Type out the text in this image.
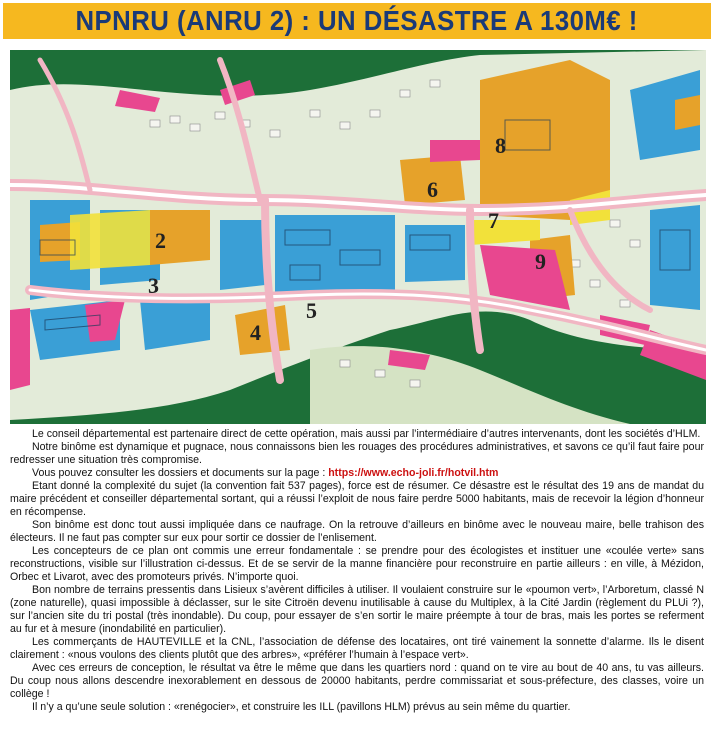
NPNRU (ANRU 2) : UN DÉSASTRE A 130M€ !
2
3
4
5
6
7
8
9

Le conseil départemental est partenaire direct de cette opération, mais aussi par l’intermédiaire d’autres intervenants, dont les sociétés d’HLM.

Notre binôme est dynamique et pugnace, nous connaissons bien les rouages des procédures administratives, et savons ce qu’il faut faire pour redresser une situation très compromise.

Vous pouvez consulter les dossiers et documents sur la page : https://www.echo-joli.fr/hotvil.htm

Etant donné la complexité du sujet (la convention fait 537 pages), force est de résumer. Ce désastre est le résultat des 19 ans de mandat du maire précédent et conseiller départemental sortant, qui a réussi l’exploit de nous faire perdre 5000 habitants, mais de recevoir la légion d’honneur en récompense.

Son binôme est donc tout aussi impliquée dans ce naufrage. On la retrouve d’ailleurs en binôme avec le nouveau maire, belle trahison des électeurs. Il ne faut pas compter sur eux pour sortir ce dossier de l’enlisement.

Les concepteurs de ce plan ont commis une erreur fondamentale : se prendre pour des écologistes et instituer une «coulée verte» sans reconstructions, visible sur l’illustration ci-dessus. Et de se servir de la manne financière pour reconstruire en partie ailleurs : en ville, à Mézidon, Orbec et Livarot, avec des promoteurs privés. N’importe quoi.

Bon nombre de terrains pressentis dans Lisieux s’avèrent difficiles à utiliser. Il voulaient construire sur le «poumon vert», l’Arboretum, classé N (zone naturelle), quasi impossible à déclasser, sur le site Citroën devenu inutilisable à cause du Multiplex, à la Cité Jardin (règlement du PLUi ?), sur l’ancien site du tri postal (très inondable). Du coup, pour essayer de s’en sortir le maire préempte à tour de bras, mais les portes se referment au fur et à mesure (inondabilité en particulier).

Les commerçants de HAUTEVILLE et la CNL, l’association de défense des locataires, ont tiré vainement la sonnette d’alarme. Ils le disent clairement : «nous voulons des clients plutôt que des arbres», «préférer l’humain à l’espace vert».

Avec ces erreurs de conception, le résultat va être le même que dans les quartiers nord : quand on te vire au bout de 40 ans, tu vas ailleurs. Du coup nous allons descendre inexorablement en dessous de 20000 habitants, perdre commissariat et sous-préfecture, des classes, voire un collège !

Il n’y a qu’une seule solution : «renégocier», et construire les ILL (pavillons HLM) prévus au sein même du quartier.
